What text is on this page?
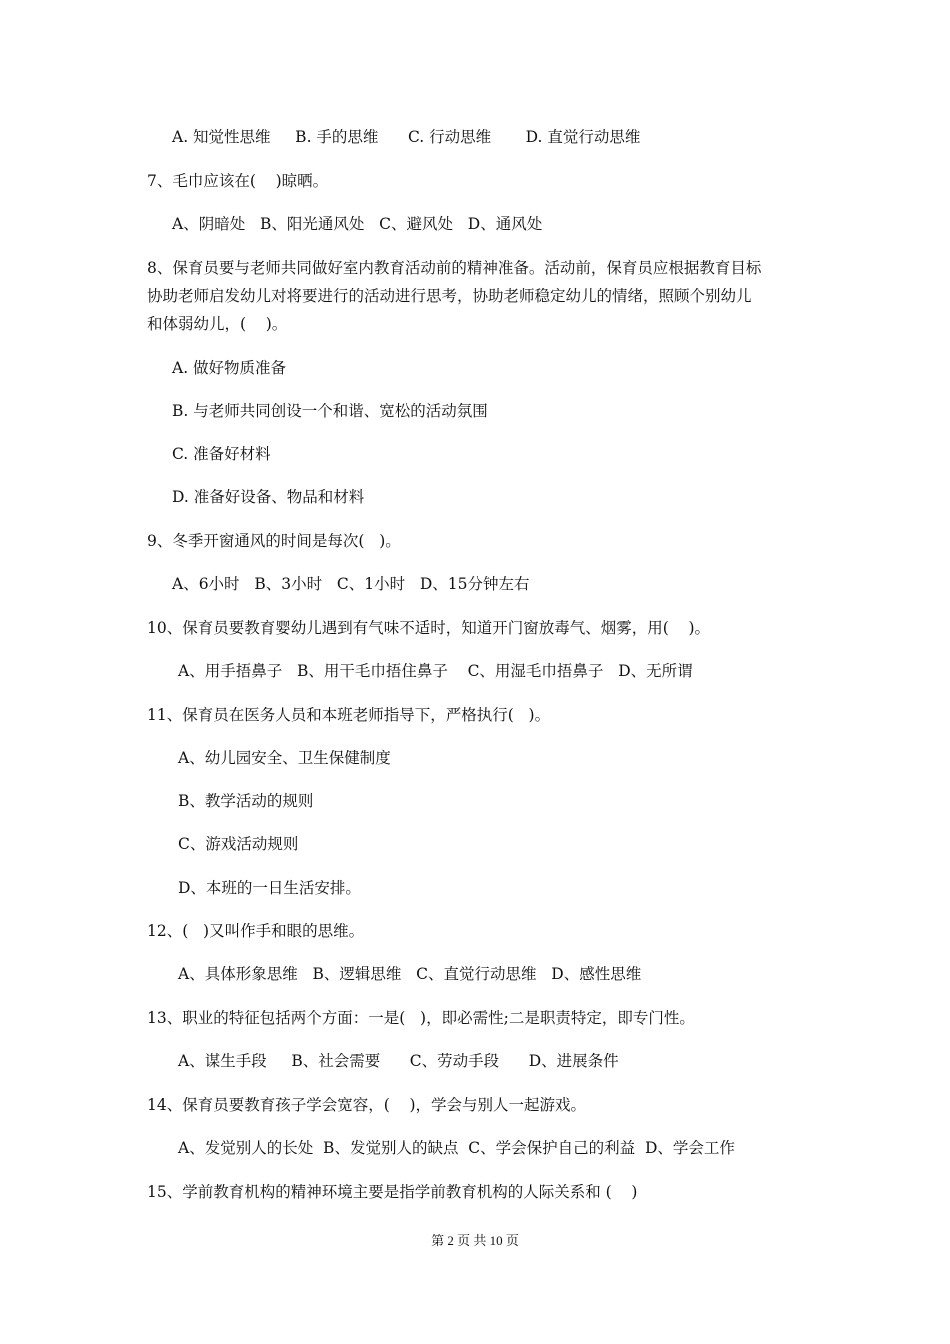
A. 知觉性思维     B. 手的思维      C. 行动思维       D. 直觉行动思维
7、毛巾应该在(    )晾晒。
A、阴暗处   B、阳光通风处   C、避风处   D、通风处
8、保育员要与老师共同做好室内教育活动前的精神准备。活动前，保育员应根据教育目标
协助老师启发幼儿对将要进行的活动进行思考，协助老师稳定幼儿的情绪，照顾个别幼儿
和体弱幼儿，(    )。
A. 做好物质准备
B. 与老师共同创设一个和谐、宽松的活动氛围
C. 准备好材料
D. 准备好设备、物品和材料
9、冬季开窗通风的时间是每次(   )。
A、6小时   B、3小时   C、1小时   D、15分钟左右
10、保育员要教育婴幼儿遇到有气味不适时，知道开门窗放毒气、烟雾，用(    )。
A、用手捂鼻子   B、用干毛巾捂住鼻子    C、用湿毛巾捂鼻子   D、无所谓
11、保育员在医务人员和本班老师指导下，严格执行(   )。
A、幼儿园安全、卫生保健制度
B、教学活动的规则
C、游戏活动规则
D、本班的一日生活安排。
12、(   )又叫作手和眼的思维。
A、具体形象思维   B、逻辑思维   C、直觉行动思维   D、感性思维
13、职业的特征包括两个方面：一是(   )，即必需性;二是职责特定，即专门性。
A、谋生手段     B、社会需要      C、劳动手段      D、进展条件
14、保育员要教育孩子学会宽容，(    )，学会与别人一起游戏。
A、发觉别人的长处  B、发觉别人的缺点  C、学会保护自己的利益  D、学会工作
15、学前教育机构的精神环境主要是指学前教育机构的人际关系和 (    )
第 2 页 共 10 页
